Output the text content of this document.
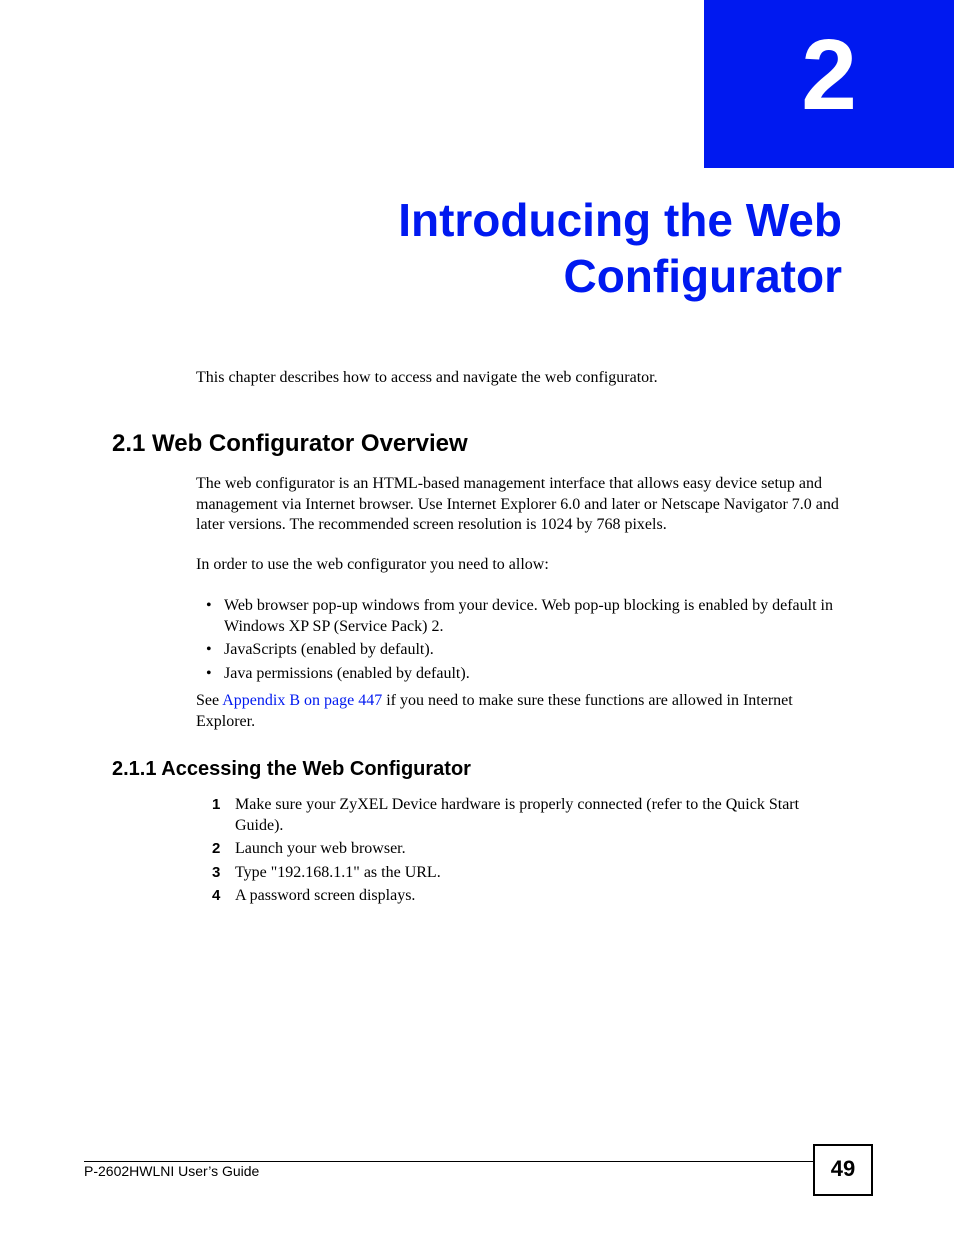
2
Introducing the Web
Configurator

This chapter describes how to access and navigate the web configurator.

2.1 Web Configurator Overview

The web configurator is an HTML-based management interface that allows easy device setup and management via Internet browser. Use Internet Explorer 6.0 and later or Netscape Navigator 7.0 and later versions. The recommended screen resolution is 1024 by 768 pixels.

In order to use the web configurator you need to allow:

• Web browser pop-up windows from your device. Web pop-up blocking is enabled by default in Windows XP SP (Service Pack) 2.
• JavaScripts (enabled by default).
• Java permissions (enabled by default).

See Appendix B on page 447 if you need to make sure these functions are allowed in Internet Explorer.

2.1.1 Accessing the Web Configurator
1 Make sure your ZyXEL Device hardware is properly connected (refer to the Quick Start Guide).
2 Launch your web browser.
3 Type "192.168.1.1" as the URL.
4 A password screen displays.

P-2602HWLNI User’s Guide	49
